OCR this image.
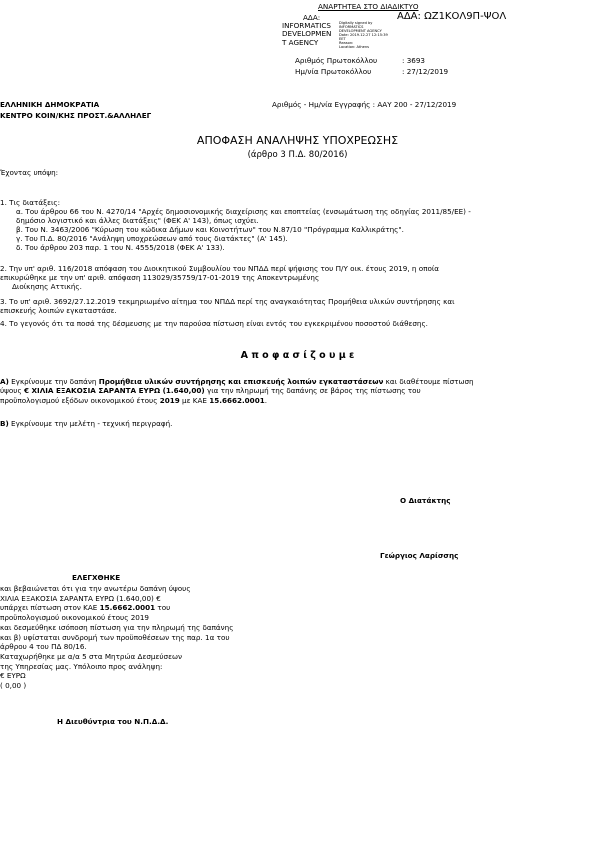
ΑΝΑΡΤΗΤΕΑ ΣΤΟ ΔΙΑΔΙΚΤΥΟ
ΑΔΑ:	ΑΔΑ: ΩΖ1ΚΟΛ9Π-ΨΟΛ
INFORMATICS
DEVELOPMEN
T AGENCY
Digitally signed by
INFORMATICS
DEVELOPMENT AGENCY
Date: 2019.12.27 12:15:39
EET
Reason:
Location: Athens
Αριθμός Πρωτοκόλλου	: 3693
Ημ/νία Πρωτοκόλλου	: 27/12/2019
ΕΛΛΗΝΙΚΗ ΔΗΜΟΚΡΑΤΙΑ
ΚΕΝΤΡΟ ΚΟΙΝ/ΚΗΣ ΠΡΟΣΤ.&ΑΛΛΗΛΕΓ
Αριθμός - Ημ/νία Εγγραφής : ΑΑΥ 200 - 27/12/2019
ΑΠΟΦΑΣΗ ΑΝΑΛΗΨΗΣ ΥΠΟΧΡΕΩΣΗΣ
(άρθρο 3 Π.Δ. 80/2016)
Έχοντας υπόψη:
1. Τις διατάξεις:
α. Του άρθρου 66 του Ν. 4270/14 "Αρχές δημοσιονομικής διαχείρισης και εποπτείας (ενσωμάτωση της οδηγίας 2011/85/ΕΕ) -
δημόσιο λογιστικό και άλλες διατάξεις" (ΦΕΚ Α' 143), όπως ισχύει.
β. Του Ν. 3463/2006 "Κύρωση του κώδικα Δήμων και Κοινοτήτων" του Ν.87/10 "Πρόγραμμα Καλλικράτης".
γ. Του Π.Δ. 80/2016 "Ανάληψη υποχρεώσεων από τους διατάκτες" (Α' 145).
δ. Του άρθρου 203 παρ. 1 του Ν. 4555/2018 (ΦΕΚ Α' 133).
2. Την υπ' αριθ. 116/2018 απόφαση του Διοικητικού Συμβουλίου του ΝΠΔΔ περί ψήφισης του Π/Υ οικ. έτους 2019, η οποία
επικυρώθηκε με την υπ' αριθ. απόφαση 113029/35759/17-01-2019 της Αποκεντρωμένης
Διοίκησης Αττικής.
3. Το υπ' αριθ. 3692/27.12.2019 τεκμηριωμένο αίτημα του ΝΠΔΔ περί της αναγκαιότητας Προμήθεια υλικών συντήρησης και
επισκευής λοιπών εγκαταστάσε.
4. Το γεγονός ότι τα ποσά της δέσμευσης με την παρούσα πίστωση είναι εντός του εγκεκριμένου ποσοστού διάθεσης.
Α π ο φ α σ ί ζ ο υ μ ε
A) Εγκρίνουμε την δαπάνη Προμήθεια υλικών συντήρησης και επισκευής λοιπών εγκαταστάσεων και διαθέτουμε πίστωση
ύψους € ΧΙΛΙΑ ΕΞΑΚΟΣΙΑ ΣΑΡΑΝΤΑ ΕΥΡΩ (1.640,00) για την πληρωμή της δαπάνης σε βάρος της πίστωσης του
προϋπολογισμού εξόδων οικονομικού έτους 2019 με ΚΑΕ 15.6662.0001.
B) Εγκρίνουμε την μελέτη - τεχνική περιγραφή.
Ο Διατάκτης
Γεώργιος Λαρίσσης
ΕΛΕΓΧΘΗΚΕ
και βεβαιώνεται ότι για την ανωτέρω δαπάνη ύψους
ΧΙΛΙΑ ΕΞΑΚΟΣΙΑ ΣΑΡΑΝΤΑ ΕΥΡΩ (1.640,00) €
υπάρχει πίστωση στον ΚΑΕ 15.6662.0001 του
προϋπολογισμού οικονομικού έτους 2019
και δεσμεύθηκε ισόποση πίστωση για την πληρωμή της δαπάνης
και β) υφίσταται συνδρομή των προϋποθέσεων της παρ. 1α του
άρθρου 4 του ΠΔ 80/16.
Καταχωρήθηκε με α/α 5 στα Μητρώα Δεσμεύσεων
της Υπηρεσίας μας. Υπόλοιπο προς ανάληψη:
€ ΕΥΡΩ
( 0,00 )
Η Διευθύντρια του Ν.Π.Δ.Δ.
